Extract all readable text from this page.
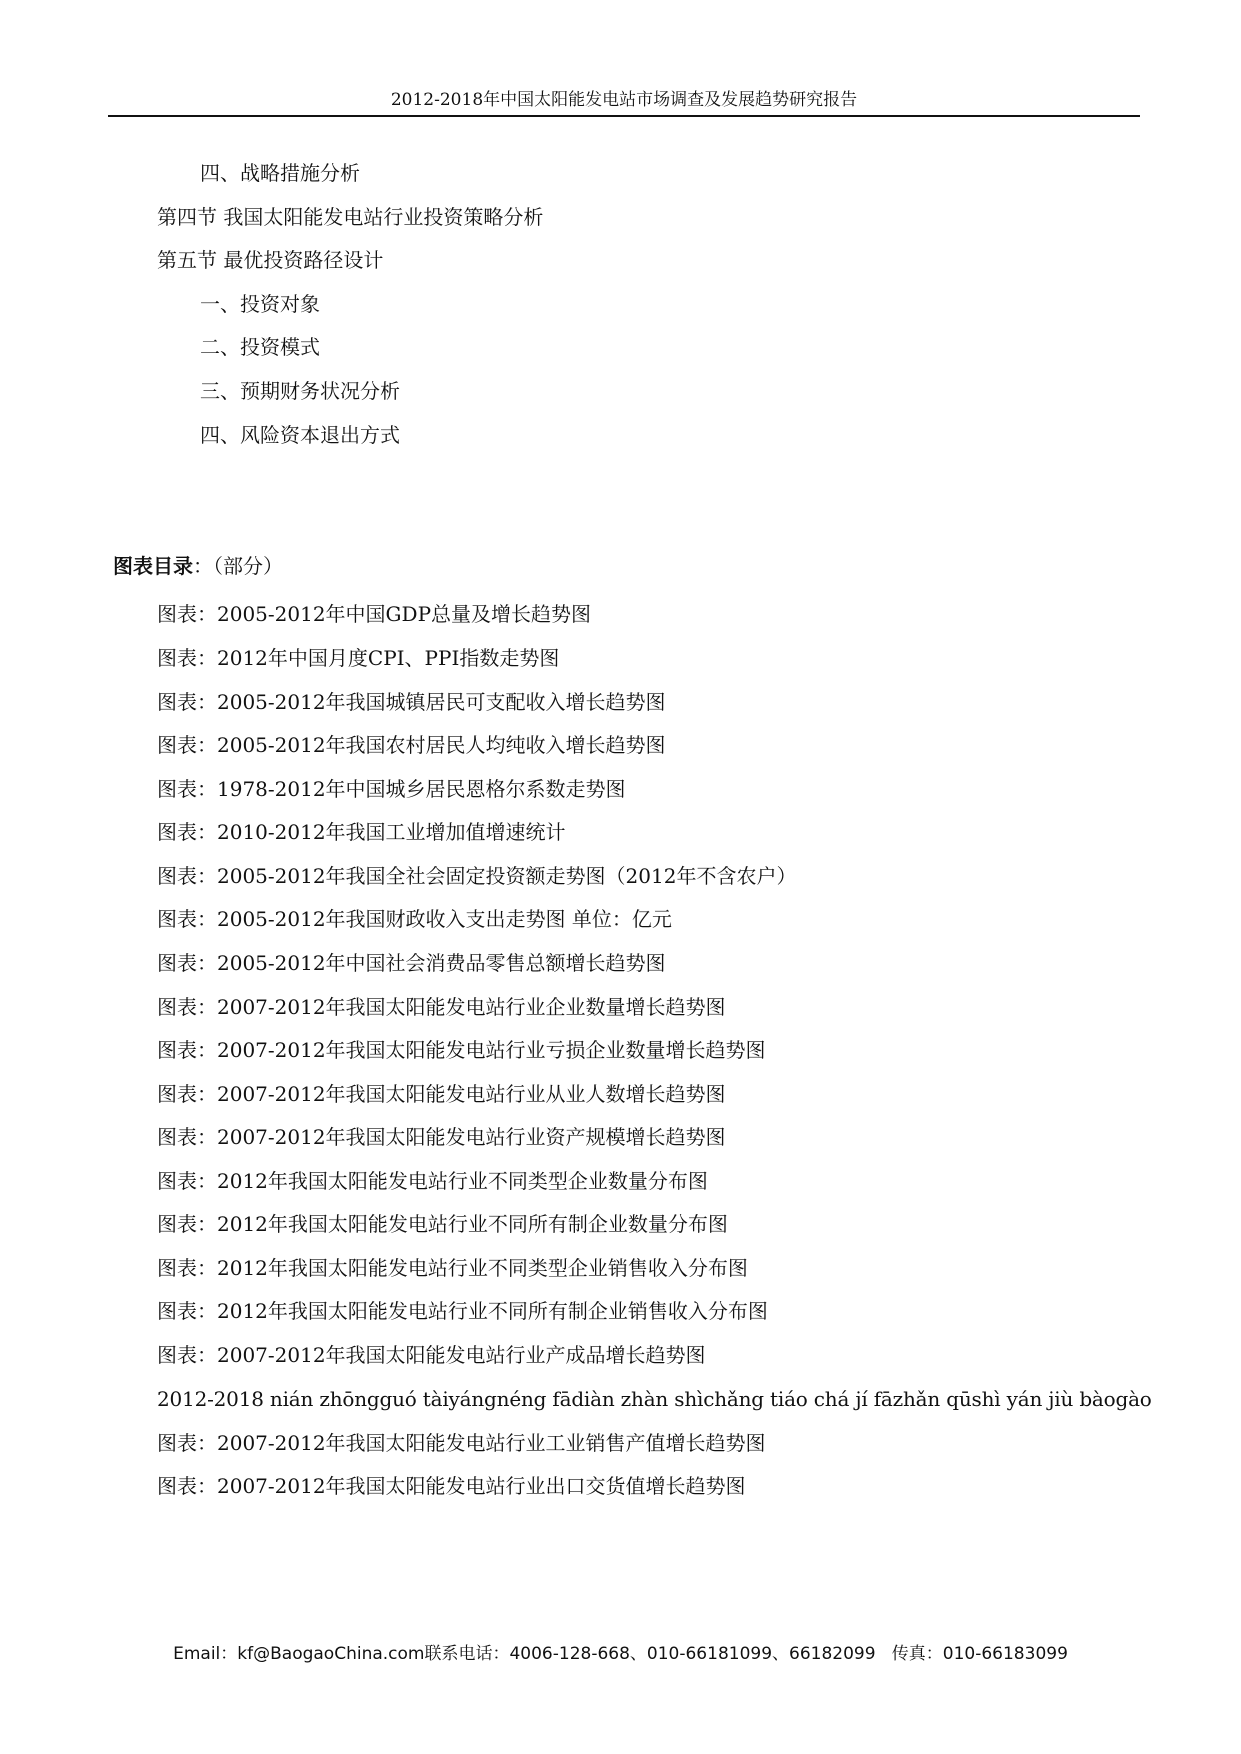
2012-2018年中国太阳能发电站市场调查及发展趋势研究报告
四、战略措施分析
第四节 我国太阳能发电站行业投资策略分析
第五节 最优投资路径设计
一、投资对象
二、投资模式
三、预期财务状况分析
四、风险资本退出方式
图表目录：（部分）
图表：2005-2012年中国GDP总量及增长趋势图
图表：2012年中国月度CPI、PPI指数走势图
图表：2005-2012年我国城镇居民可支配收入增长趋势图
图表：2005-2012年我国农村居民人均纯收入增长趋势图
图表：1978-2012年中国城乡居民恩格尔系数走势图
图表：2010-2012年我国工业增加值增速统计
图表：2005-2012年我国全社会固定投资额走势图（2012年不含农户）
图表：2005-2012年我国财政收入支出走势图 单位：亿元
图表：2005-2012年中国社会消费品零售总额增长趋势图
图表：2007-2012年我国太阳能发电站行业企业数量增长趋势图
图表：2007-2012年我国太阳能发电站行业亏损企业数量增长趋势图
图表：2007-2012年我国太阳能发电站行业从业人数增长趋势图
图表：2007-2012年我国太阳能发电站行业资产规模增长趋势图
图表：2012年我国太阳能发电站行业不同类型企业数量分布图
图表：2012年我国太阳能发电站行业不同所有制企业数量分布图
图表：2012年我国太阳能发电站行业不同类型企业销售收入分布图
图表：2012年我国太阳能发电站行业不同所有制企业销售收入分布图
图表：2007-2012年我国太阳能发电站行业产成品增长趋势图
2012-2018 nián zhōngguó tàiyángnéng fādiàn zhàn shìchǎng tiáo chá jí fāzhǎn qūshì yán jiù bàogào
图表：2007-2012年我国太阳能发电站行业工业销售产值增长趋势图
图表：2007-2012年我国太阳能发电站行业出口交货值增长趋势图
Email：kf@BaogaoChina.com联系电话：4006-128-668、010-66181099、66182099 传真：010-66183099
